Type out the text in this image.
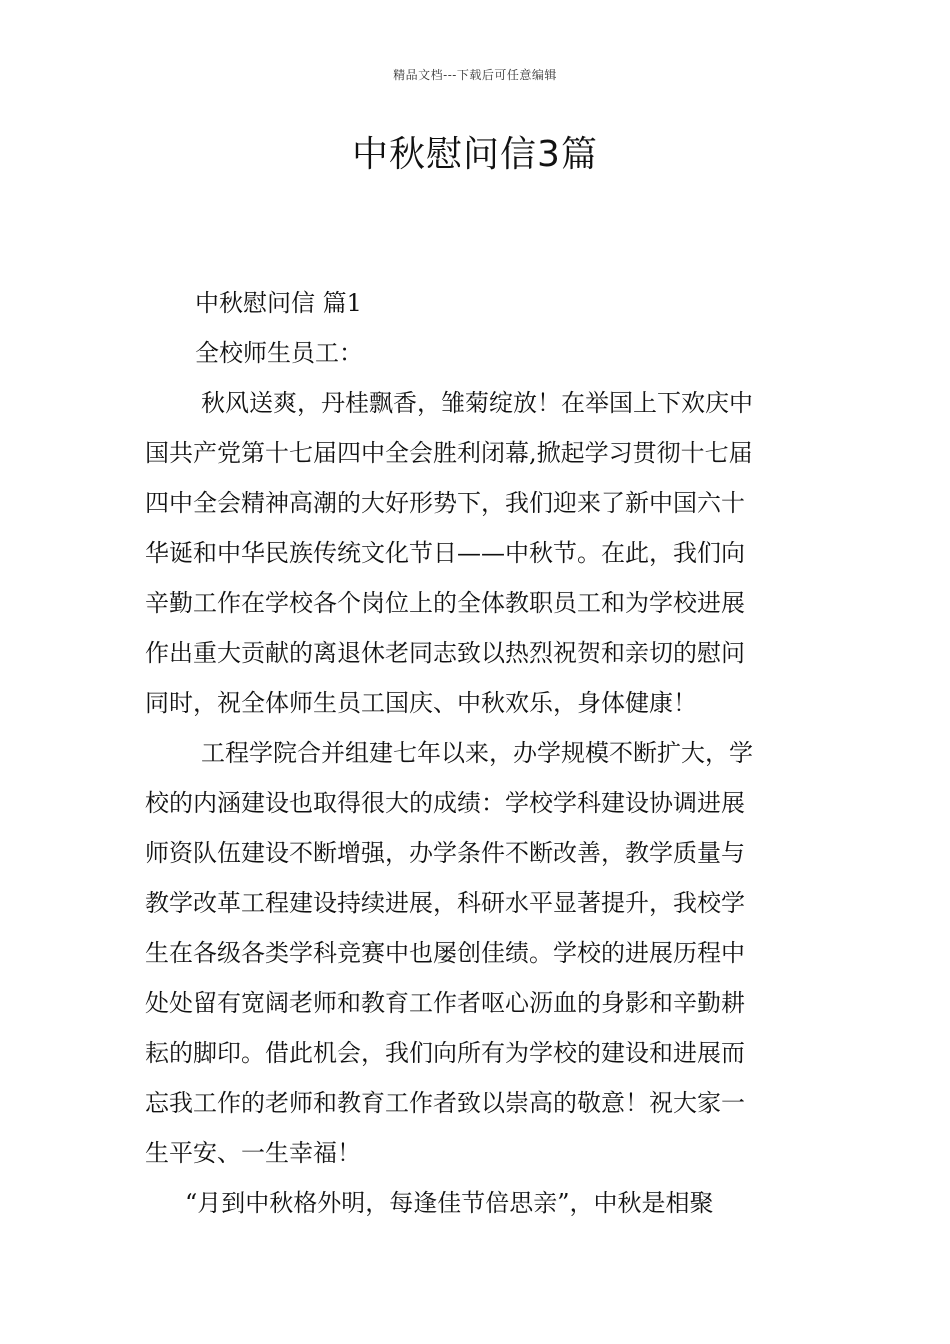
精品文档---下载后可任意编辑
中秋慰问信3篇
中秋慰问信 篇1
全校师生员工：
秋风送爽，丹桂飘香，雏菊绽放！在举国上下欢庆中
国共产党第十七届四中全会胜利闭幕,掀起学习贯彻十七届
四中全会精神高潮的大好形势下，我们迎来了新中国六十
华诞和中华民族传统文化节日——中秋节。在此，我们向
辛勤工作在学校各个岗位上的全体教职员工和为学校进展
作出重大贡献的离退休老同志致以热烈祝贺和亲切的慰问
同时，祝全体师生员工国庆、中秋欢乐，身体健康！
工程学院合并组建七年以来，办学规模不断扩大，学
校的内涵建设也取得很大的成绩：学校学科建设协调进展
师资队伍建设不断增强，办学条件不断改善，教学质量与
教学改革工程建设持续进展，科研水平显著提升，我校学
生在各级各类学科竞赛中也屡创佳绩。学校的进展历程中
处处留有宽阔老师和教育工作者呕心沥血的身影和辛勤耕
耘的脚印。借此机会，我们向所有为学校的建设和进展而
忘我工作的老师和教育工作者致以崇高的敬意！祝大家一
生平安、一生幸福！
“月到中秋格外明，每逢佳节倍思亲”，中秋是相聚
